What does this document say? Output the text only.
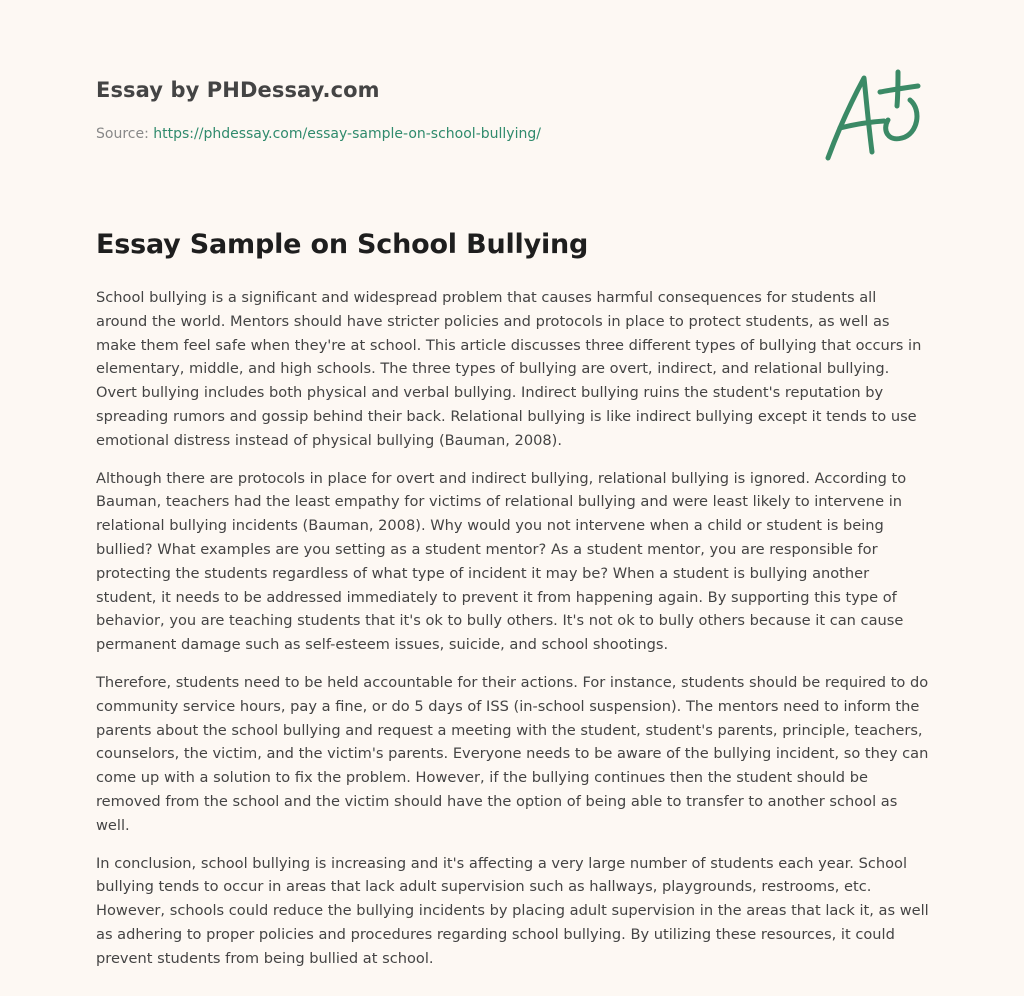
Essay by PHDessay.com
Source: https://phdessay.com/essay-sample-on-school-bullying/
Essay Sample on School Bullying

School bullying is a significant and widespread problem that causes harmful consequences for students all around the world. Mentors should have stricter policies and protocols in place to protect students, as well as make them feel safe when they're at school. This article discusses three different types of bullying that occurs in elementary, middle, and high schools. The three types of bullying are overt, indirect, and relational bullying. Overt bullying includes both physical and verbal bullying. Indirect bullying ruins the student's reputation by spreading rumors and gossip behind their back. Relational bullying is like indirect bullying except it tends to use emotional distress instead of physical bullying (Bauman, 2008).

Although there are protocols in place for overt and indirect bullying, relational bullying is ignored. According to Bauman, teachers had the least empathy for victims of relational bullying and were least likely to intervene in relational bullying incidents (Bauman, 2008). Why would you not intervene when a child or student is being bullied? What examples are you setting as a student mentor? As a student mentor, you are responsible for protecting the students regardless of what type of incident it may be? When a student is bullying another student, it needs to be addressed immediately to prevent it from happening again. By supporting this type of behavior, you are teaching students that it's ok to bully others. It's not ok to bully others because it can cause permanent damage such as self-esteem issues, suicide, and school shootings.

Therefore, students need to be held accountable for their actions. For instance, students should be required to do community service hours, pay a fine, or do 5 days of ISS (in-school suspension). The mentors need to inform the parents about the school bullying and request a meeting with the student, student's parents, principle, teachers, counselors, the victim, and the victim's parents. Everyone needs to be aware of the bullying incident, so they can come up with a solution to fix the problem. However, if the bullying continues then the student should be removed from the school and the victim should have the option of being able to transfer to another school as well.

In conclusion, school bullying is increasing and it's affecting a very large number of students each year. School bullying tends to occur in areas that lack adult supervision such as hallways, playgrounds, restrooms, etc. However, schools could reduce the bullying incidents by placing adult supervision in the areas that lack it, as well as adhering to proper policies and procedures regarding school bullying. By utilizing these resources, it could prevent students from being bullied at school.
